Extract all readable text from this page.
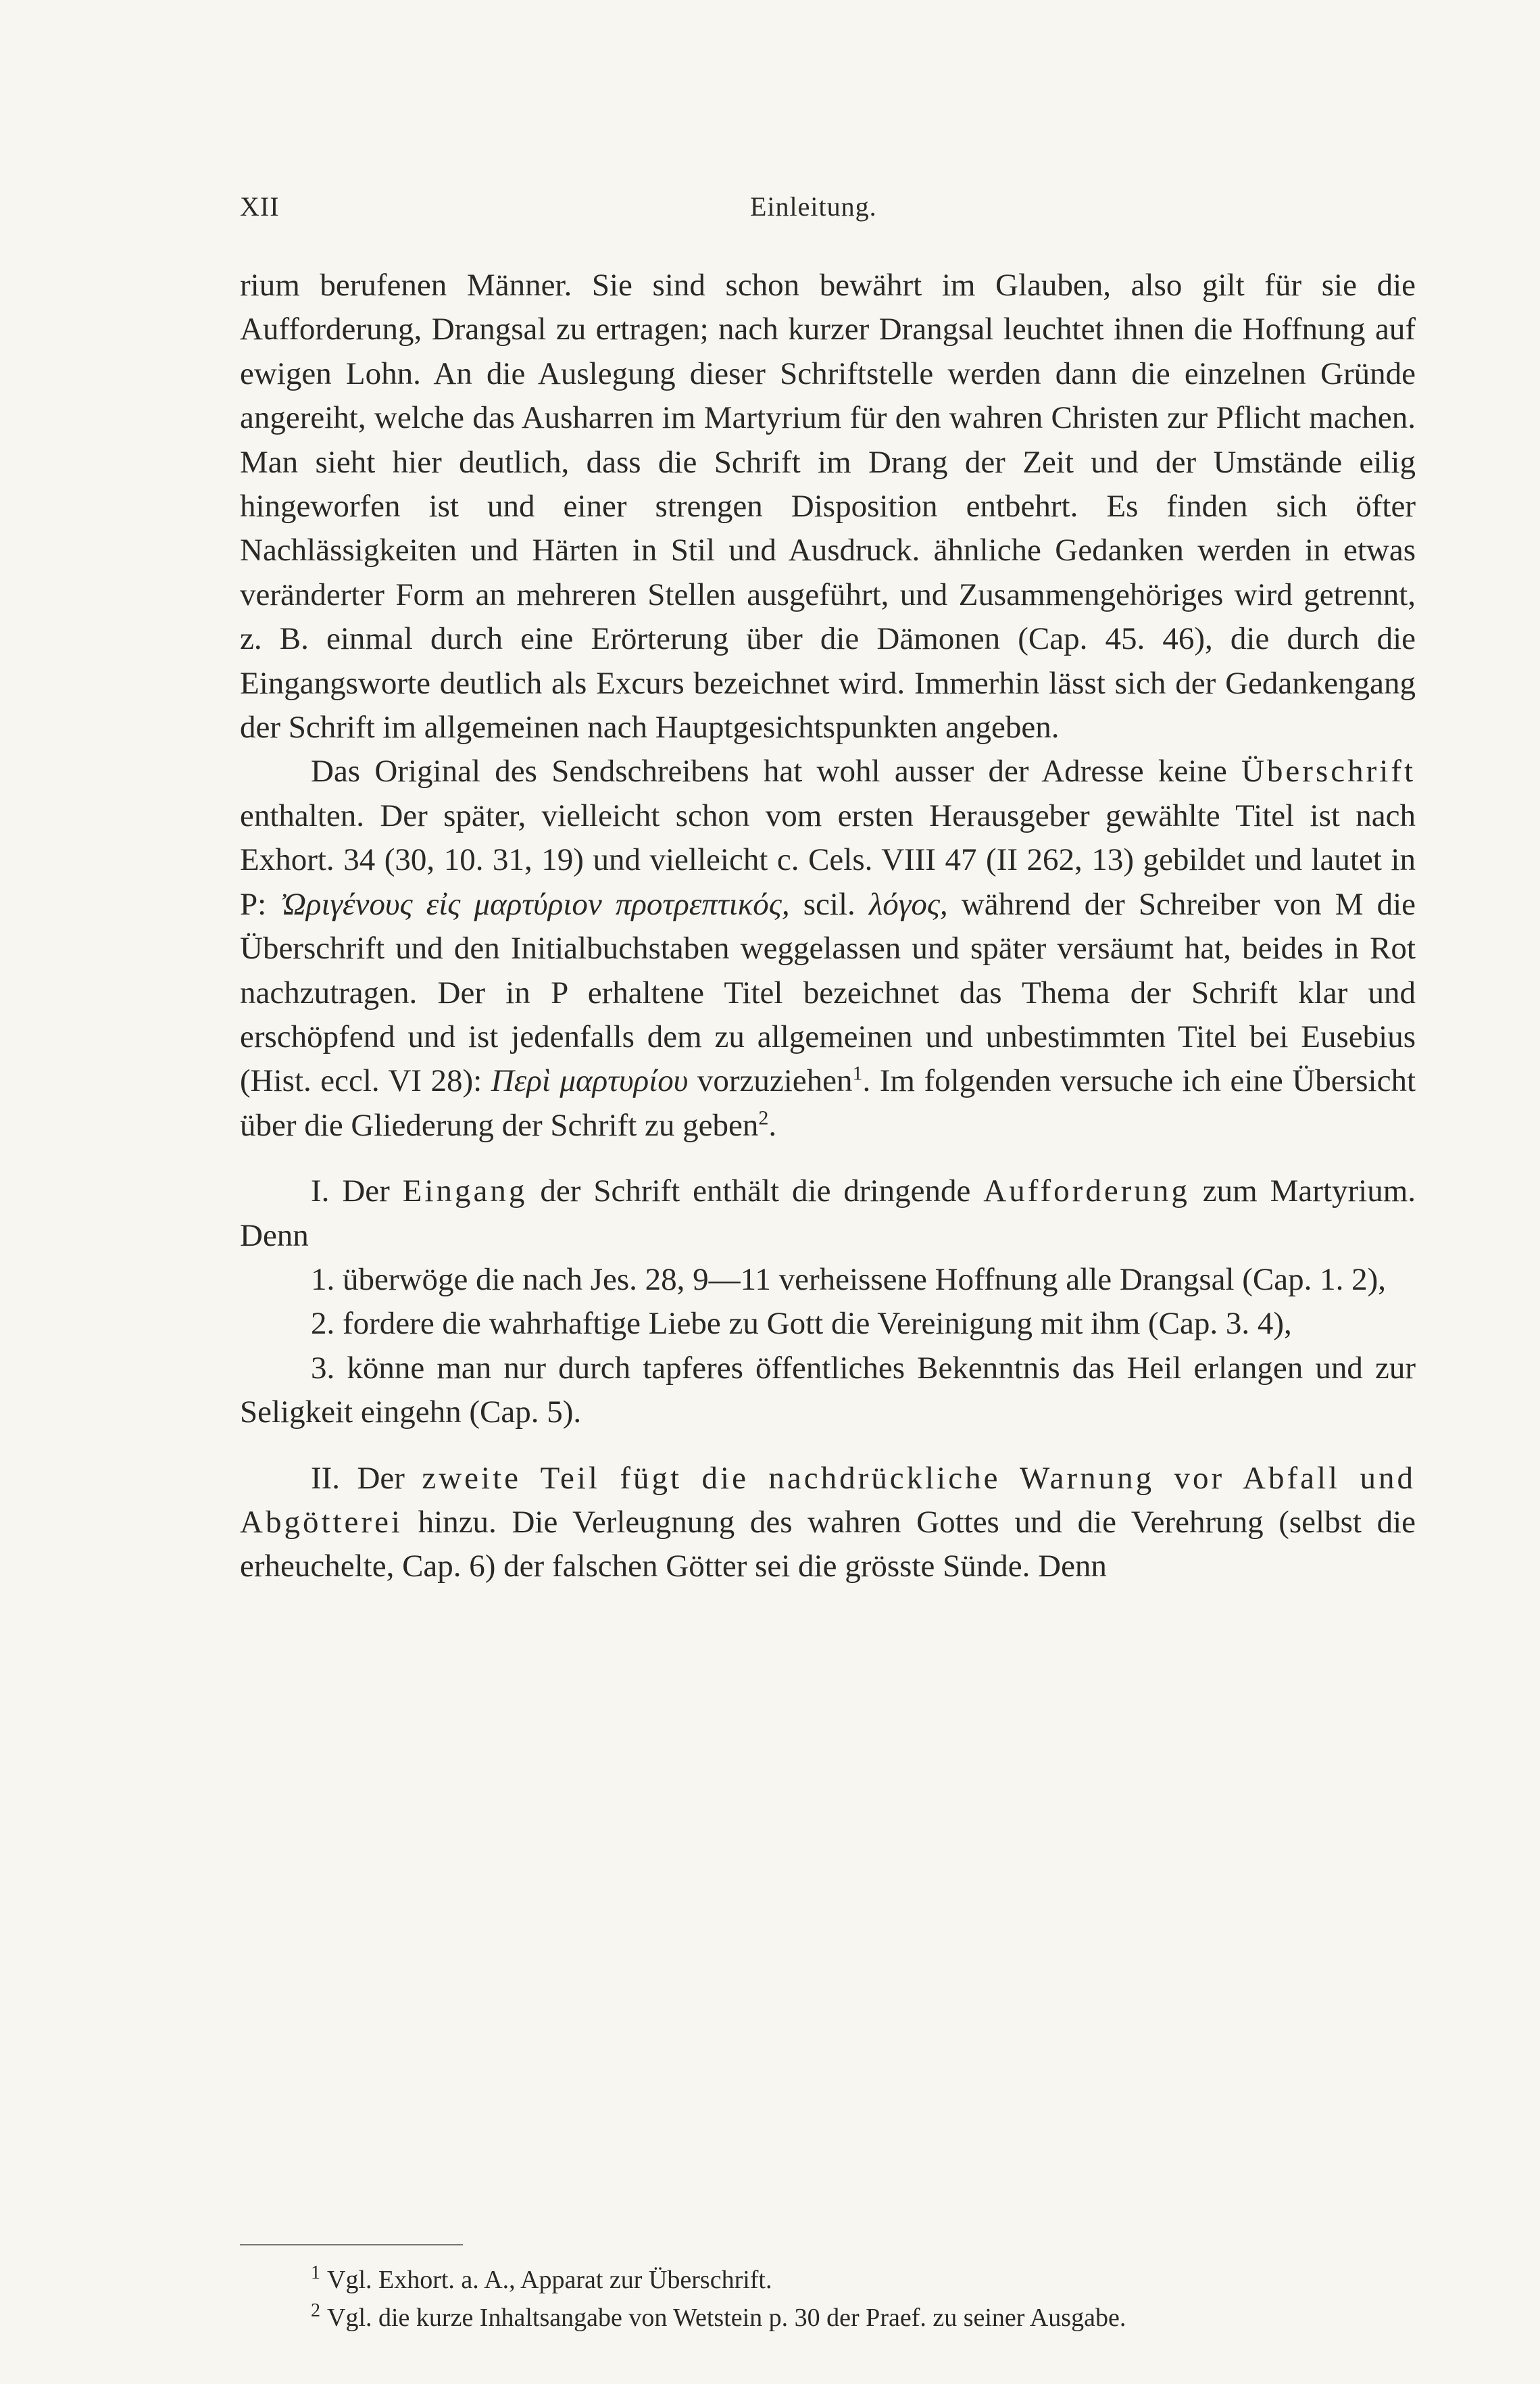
XII	Einleitung.

rium berufenen Männer. Sie sind schon bewährt im Glauben, also gilt für sie die Aufforderung, Drangsal zu ertragen; nach kurzer Drangsal leuchtet ihnen die Hoffnung auf ewigen Lohn. An die Auslegung dieser Schriftstelle werden dann die einzelnen Gründe angereiht, welche das Ausharren im Martyrium für den wahren Christen zur Pflicht machen. Man sieht hier deutlich, dass die Schrift im Drang der Zeit und der Umstände eilig hingeworfen ist und einer strengen Disposition entbehrt. Es finden sich öfter Nachlässigkeiten und Härten in Stil und Ausdruck. ähnliche Gedanken werden in etwas veränderter Form an mehreren Stellen ausgeführt, und Zusammengehöriges wird getrennt, z. B. einmal durch eine Erörterung über die Dämonen (Cap. 45. 46), die durch die Eingangsworte deutlich als Excurs bezeichnet wird. Immerhin lässt sich der Gedankengang der Schrift im allgemeinen nach Hauptgesichtspunkten angeben.

Das Original des Sendschreibens hat wohl ausser der Adresse keine Überschrift enthalten. Der später, vielleicht schon vom ersten Herausgeber gewählte Titel ist nach Exhort. 34 (30, 10. 31, 19) und vielleicht c. Cels. VIII 47 (II 262, 13) gebildet und lautet in P: Ὠριγένους εἰς μαρτύριον προτρεπτικός, scil. λόγος, während der Schreiber von M die Überschrift und den Initialbuchstaben weggelassen und später versäumt hat, beides in Rot nachzutragen. Der in P erhaltene Titel bezeichnet das Thema der Schrift klar und erschöpfend und ist jedenfalls dem zu allgemeinen und unbestimmten Titel bei Eusebius (Hist. eccl. VI 28): Περὶ μαρτυρίου vorzuziehen$^1$. Im folgenden versuche ich eine Übersicht über die Gliederung der Schrift zu geben$^2$.

I. Der Eingang der Schrift enthält die dringende Aufforderung zum Martyrium. Denn

1. überwöge die nach Jes. 28, 9—11 verheissene Hoffnung alle Drangsal (Cap. 1. 2),

2. fordere die wahrhaftige Liebe zu Gott die Vereinigung mit ihm (Cap. 3. 4),

3. könne man nur durch tapferes öffentliches Bekenntnis das Heil erlangen und zur Seligkeit eingehn (Cap. 5).

II. Der zweite Teil fügt die nachdrückliche Warnung vor Abfall und Abgötterei hinzu. Die Verleugnung des wahren Gottes und die Verehrung (selbst die erheuchelte, Cap. 6) der falschen Götter sei die grösste Sünde. Denn

$^1$ Vgl. Exhort. a. A., Apparat zur Überschrift.

$^2$ Vgl. die kurze Inhaltsangabe von Wetstein p. 30 der Praef. zu seiner Ausgabe.
